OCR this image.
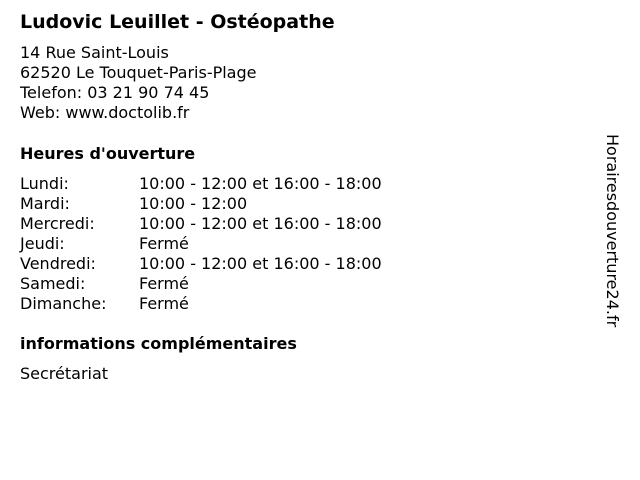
Ludovic Leuillet - Ostéopathe
14 Rue Saint-Louis
62520 Le Touquet-Paris-Plage
Telefon: 03 21 90 74 45
Web: www.doctolib.fr
Heures d'ouverture
Lundi:	10:00 - 12:00 et 16:00 - 18:00
Mardi:	10:00 - 12:00
Mercredi:	10:00 - 12:00 et 16:00 - 18:00
Jeudi:	Fermé
Vendredi:	10:00 - 12:00 et 16:00 - 18:00
Samedi:	Fermé
Dimanche:	Fermé
informations complémentaires
Secrétariat
Horairesdouverture24.fr
